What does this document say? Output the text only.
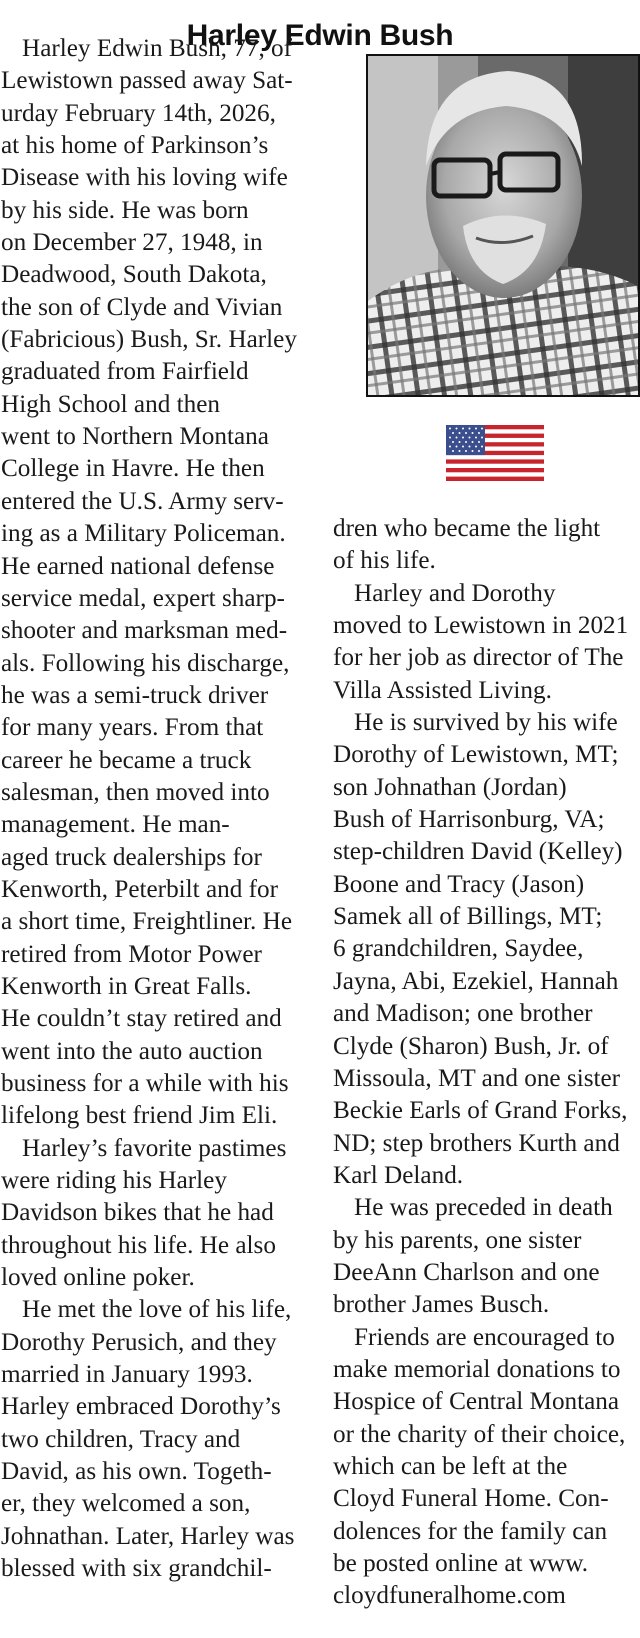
Harley Edwin Bush
Harley Edwin Bush, 77, of
Lewistown passed away Sat-
urday February 14th, 2026,
at his home of Parkinson’s
Disease with his loving wife
by his side. He was born
on December 27, 1948, in
Deadwood, South Dakota,
the son of Clyde and Vivian
(Fabricious) Bush, Sr. Harley
graduated from Fairfield
High School and then
went to Northern Montana
College in Havre. He then
entered the U.S. Army serv-
ing as a Military Policeman.
He earned national defense
service medal, expert sharp-
shooter and marksman med-
als. Following his discharge,
he was a semi-truck driver
for many years. From that
career he became a truck
salesman, then moved into
management. He man-
aged truck dealerships for
Kenworth, Peterbilt and for
a short time, Freightliner. He
retired from Motor Power
Kenworth in Great Falls.
He couldn’t stay retired and
went into the auto auction
business for a while with his
lifelong best friend Jim Eli.
Harley’s favorite pastimes
were riding his Harley
Davidson bikes that he had
throughout his life. He also
loved online poker.
He met the love of his life,
Dorothy Perusich, and they
married in January 1993.
Harley embraced Dorothy’s
two children, Tracy and
David, as his own. Togeth-
er, they welcomed a son,
Johnathan. Later, Harley was
blessed with six grandchil-
dren who became the light
of his life.
Harley and Dorothy
moved to Lewistown in 2021
for her job as director of The
Villa Assisted Living.
He is survived by his wife
Dorothy of Lewistown, MT;
son Johnathan (Jordan)
Bush of Harrisonburg, VA;
step-children David (Kelley)
Boone and Tracy (Jason)
Samek all of Billings, MT;
6 grandchildren, Saydee,
Jayna, Abi, Ezekiel, Hannah
and Madison; one brother
Clyde (Sharon) Bush, Jr. of
Missoula, MT and one sister
Beckie Earls of Grand Forks,
ND; step brothers Kurth and
Karl Deland.
He was preceded in death
by his parents, one sister
DeeAnn Charlson and one
brother James Busch.
Friends are encouraged to
make memorial donations to
Hospice of Central Montana
or the charity of their choice,
which can be left at the
Cloyd Funeral Home. Con-
dolences for the family can
be posted online at www.
cloydfuneralhome.com
